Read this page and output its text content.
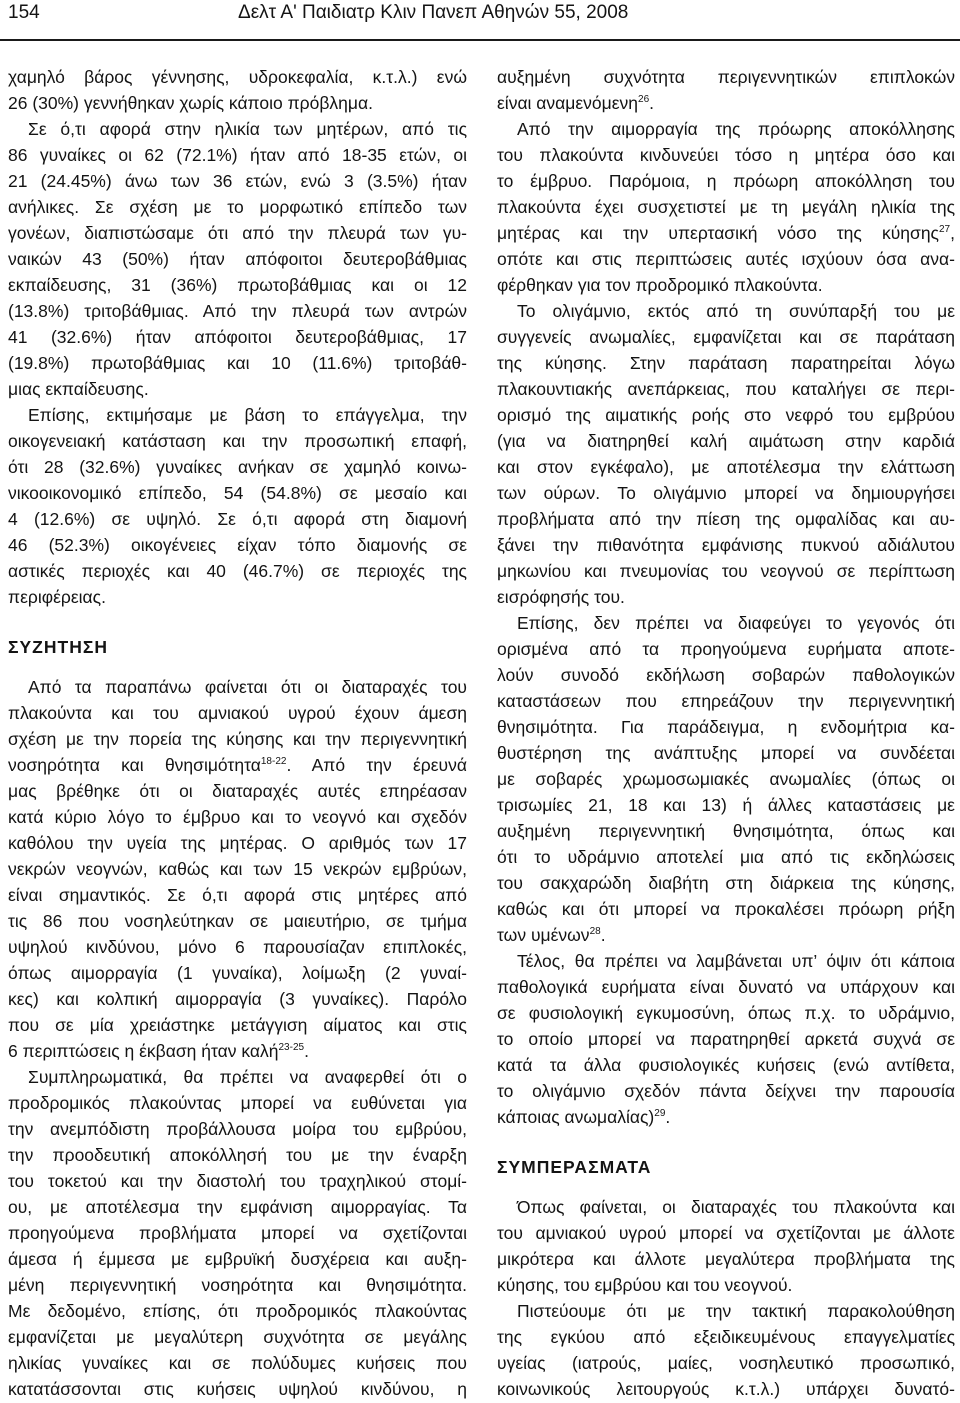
154	Δελτ Α' Παιδιατρ Κλιν Πανεπ Αθηνών 55, 2008
χαμηλό βάρος γέννησης, υδροκεφαλία, κ.τ.λ.) ενώ
26 (30%) γεννήθηκαν χωρίς κάποιο πρόβλημα.
Σε ό,τι αφορά στην ηλικία των μητέρων, από τις
86 γυναίκες οι 62 (72.1%) ήταν από 18-35 ετών, οι
21 (24.45%) άνω των 36 ετών, ενώ 3 (3.5%) ήταν
ανήλικες. Σε σχέση με το μορφωτικό επίπεδο των
γονέων, διαπιστώσαμε ότι από την πλευρά των γυ-
ναικών 43 (50%) ήταν απόφοιτοι δευτεροβάθμιας
εκπαίδευσης, 31 (36%) πρωτοβάθμιας και οι 12
(13.8%) τριτοβάθμιας. Από την πλευρά των αντρών
41 (32.6%) ήταν απόφοιτοι δευτεροβάθμιας, 17
(19.8%) πρωτοβάθμιας και 10 (11.6%) τριτοβάθ-
μιας εκπαίδευσης.
Επίσης, εκτιμήσαμε με βάση το επάγγελμα, την
οικογενειακή κατάσταση και την προσωπική επαφή,
ότι 28 (32.6%) γυναίκες ανήκαν σε χαμηλό κοινω-
νικοοικονομικό επίπεδο, 54 (54.8%) σε μεσαίο και
4 (12.6%) σε υψηλό. Σε ό,τι αφορά στη διαμονή
46 (52.3%) οικογένειες είχαν τόπο διαμονής σε
αστικές περιοχές και 40 (46.7%) σε περιοχές της
περιφέρειας.
ΣΥΖΗΤΗΣΗ
Από τα παραπάνω φαίνεται ότι οι διαταραχές του
πλακούντα και του αμνιακού υγρού έχουν άμεση
σχέση με την πορεία της κύησης και την περιγεννητική
νοσηρότητα και θνησιμότητα$^{18-22}$. Από την έρευνά
μας βρέθηκε ότι οι διαταραχές αυτές επηρέασαν
κατά κύριο λόγο το έμβρυο και το νεογνό και σχεδόν
καθόλου την υγεία της μητέρας. Ο αριθμός των 17
νεκρών νεογνών, καθώς και των 15 νεκρών εμβρύων,
είναι σημαντικός. Σε ό,τι αφορά στις μητέρες από
τις 86 που νοσηλεύτηκαν σε μαιευτήριο, σε τμήμα
υψηλού κινδύνου, μόνο 6 παρουσίαζαν επιπλοκές,
όπως αιμορραγία (1 γυναίκα), λοίμωξη (2 γυναί-
κες) και κολπική αιμορραγία (3 γυναίκες). Παρόλο
που σε μία χρειάστηκε μετάγγιση αίματος και στις
6 περιπτώσεις η έκβαση ήταν καλή$^{23-25}$.
Συμπληρωματικά, θα πρέπει να αναφερθεί ότι ο
προδρομικός πλακούντας μπορεί να ευθύνεται για
την ανεμπόδιστη προβάλλουσα μοίρα του εμβρύου,
την προοδευτική αποκόλλησή του με την έναρξη
του τοκετού και την διαστολή του τραχηλικού στομί-
ου, με αποτέλεσμα την εμφάνιση αιμορραγίας. Τα
προηγούμενα προβλήματα μπορεί να σχετίζονται
άμεσα ή έμμεσα με εμβρυϊκή δυσχέρεια και αυξη-
μένη περιγεννητική νοσηρότητα και θνησιμότητα.
Με δεδομένο, επίσης, ότι προδρομικός πλακούντας
εμφανίζεται με μεγαλύτερη συχνότητα σε μεγάλης
ηλικίας γυναίκες και σε πολύδυμες κυήσεις που
κατατάσσονται στις κυήσεις υψηλού κινδύνου, η
αυξημένη συχνότητα περιγεννητικών επιπλοκών
είναι αναμενόμενη$^{26}$.
Από την αιμορραγία της πρόωρης αποκόλλησης
του πλακούντα κινδυνεύει τόσο η μητέρα όσο και
το έμβρυο. Παρόμοια, η πρόωρη αποκόλληση του
πλακούντα έχει συσχετιστεί με τη μεγάλη ηλικία της
μητέρας και την υπερτασική νόσο της κύησης$^{27}$,
οπότε και στις περιπτώσεις αυτές ισχύουν όσα ανα-
φέρθηκαν για τον προδρομικό πλακούντα.
Το ολιγάμνιο, εκτός από τη συνύπαρξή του με
συγγενείς ανωμαλίες, εμφανίζεται και σε παράταση
της κύησης. Στην παράταση παρατηρείται λόγω
πλακουντιακής ανεπάρκειας, που καταλήγει σε περι-
ορισμό της αιματικής ροής στο νεφρό του εμβρύου
(για να διατηρηθεί καλή αιμάτωση στην καρδιά
και στον εγκέφαλο), με αποτέλεσμα την ελάττωση
των ούρων. Το ολιγάμνιο μπορεί να δημιουργήσει
προβλήματα από την πίεση της ομφαλίδας και αυ-
ξάνει την πιθανότητα εμφάνισης πυκνού αδιάλυτου
μηκωνίου και πνευμονίας του νεογνού σε περίπτωση
εισρόφησής του.
Επίσης, δεν πρέπει να διαφεύγει το γεγονός ότι
ορισμένα από τα προηγούμενα ευρήματα αποτε-
λούν συνοδό εκδήλωση σοβαρών παθολογικών
καταστάσεων που επηρεάζουν την περιγεννητική
θνησιμότητα. Για παράδειγμα, η ενδομήτρια κα-
θυστέρηση της ανάπτυξης μπορεί να συνδέεται
με σοβαρές χρωμοσωμιακές ανωμαλίες (όπως οι
τρισωμίες 21, 18 και 13) ή άλλες καταστάσεις με
αυξημένη περιγεννητική θνησιμότητα, όπως και
ότι το υδράμνιο αποτελεί μια από τις εκδηλώσεις
του σακχαρώδη διαβήτη στη διάρκεια της κύησης,
καθώς και ότι μπορεί να προκαλέσει πρόωρη ρήξη
των υμένων$^{28}$.
Τέλος, θα πρέπει να λαμβάνεται υπ’ όψιν ότι κάποια
παθολογικά ευρήματα είναι δυνατό να υπάρχουν και
σε φυσιολογική εγκυμοσύνη, όπως π.χ. το υδράμνιο,
το οποίο μπορεί να παρατηρηθεί αρκετά συχνά σε
κατά τα άλλα φυσιολογικές κυήσεις (ενώ αντίθετα,
το ολιγάμνιο σχεδόν πάντα δείχνει την παρουσία
κάποιας ανωμαλίας)$^{29}$.
ΣΥΜΠΕΡΑΣΜΑΤΑ
Όπως φαίνεται, οι διαταραχές του πλακούντα και
του αμνιακού υγρού μπορεί να σχετίζονται με άλλοτε
μικρότερα και άλλοτε μεγαλύτερα προβλήματα της
κύησης, του εμβρύου και του νεογνού.
Πιστεύουμε ότι με την τακτική παρακολούθηση
της εγκύου από εξειδικευμένους επαγγελματίες
υγείας (ιατρούς, μαίες, νοσηλευτικό προσωπικό,
κοινωνικούς λειτουργούς κ.τ.λ.) υπάρχει δυνατό-
